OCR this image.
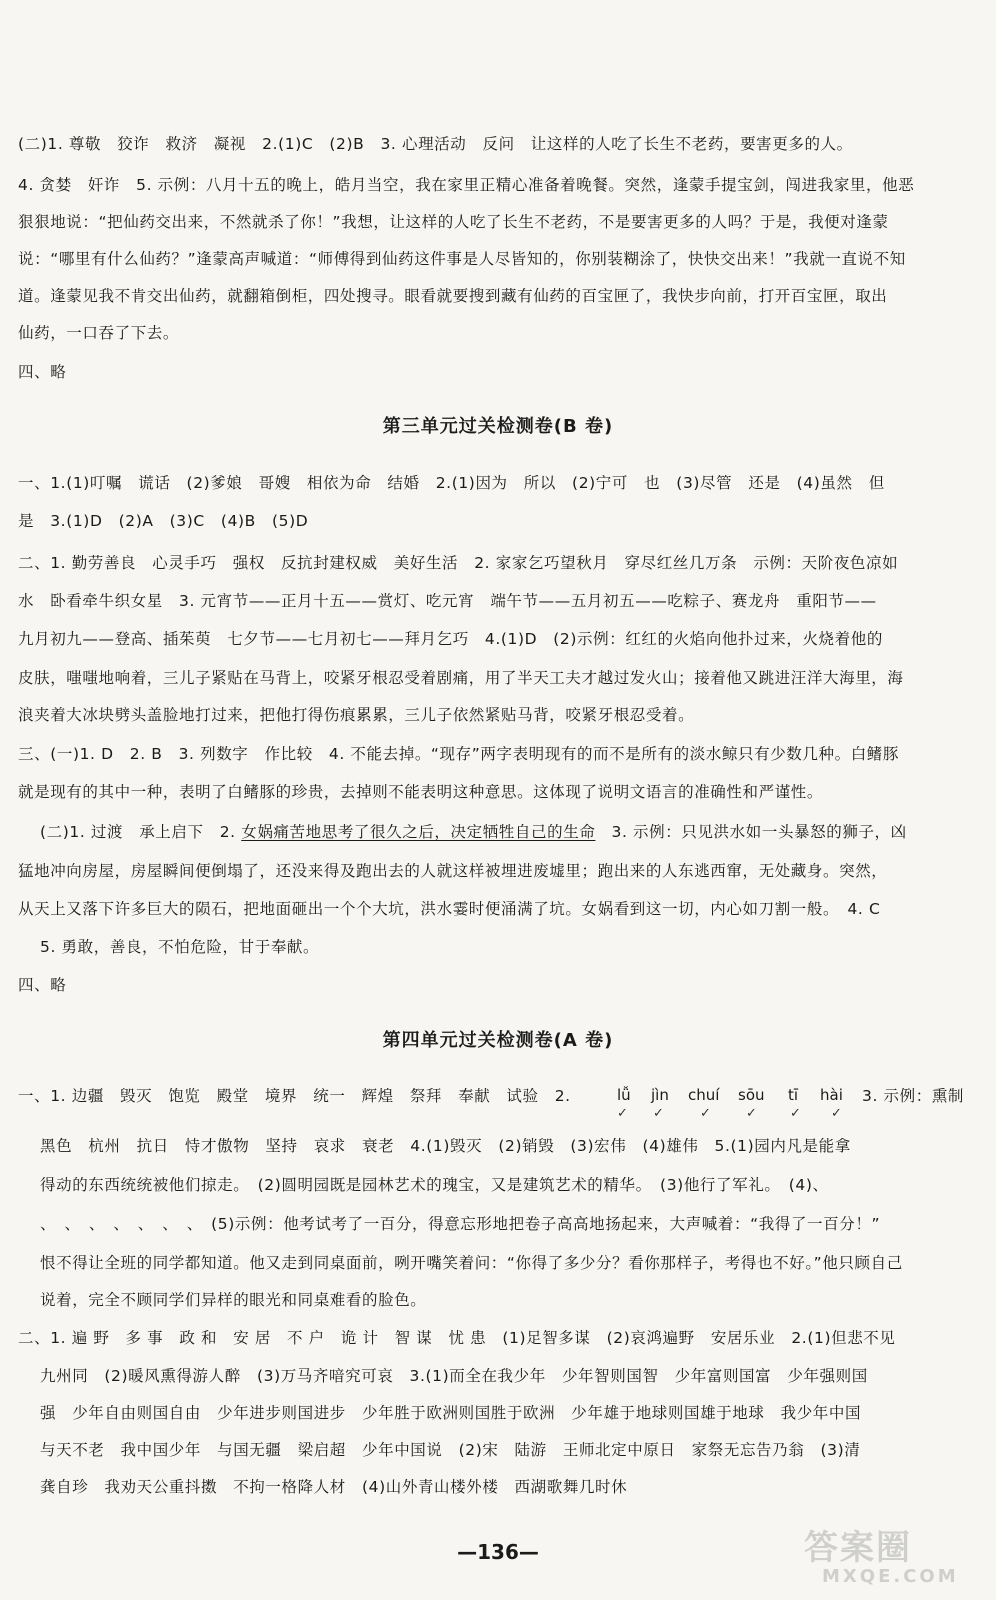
(二)1. 尊敬　狡诈　救济　凝视　2.(1)C　(2)B　3. 心理活动　反问　让这样的人吃了长生不老药，要害更多的人。
4. 贪婪　奸诈　5. 示例：八月十五的晚上，皓月当空，我在家里正精心准备着晚餐。突然，逢蒙手提宝剑，闯进我家里，他恶
狠狠地说：“把仙药交出来，不然就杀了你！”我想，让这样的人吃了长生不老药，不是要害更多的人吗？于是，我便对逢蒙
说：“哪里有什么仙药？”逢蒙高声喊道：“师傅得到仙药这件事是人尽皆知的，你别装糊涂了，快快交出来！”我就一直说不知
道。逢蒙见我不肯交出仙药，就翻箱倒柜，四处搜寻。眼看就要搜到藏有仙药的百宝匣了，我快步向前，打开百宝匣，取出
仙药，一口吞了下去。
四、略
第三单元过关检测卷(B 卷)
一、1.(1)叮嘱　谎话　(2)爹娘　哥嫂　相依为命　结婚　2.(1)因为　所以　(2)宁可　也　(3)尽管　还是　(4)虽然　但
是　3.(1)D　(2)A　(3)C　(4)B　(5)D
二、1. 勤劳善良　心灵手巧　强权　反抗封建权威　美好生活　2. 家家乞巧望秋月　穿尽红丝几万条　示例：天阶夜色凉如
水　卧看牵牛织女星　3. 元宵节——正月十五——赏灯、吃元宵　端午节——五月初五——吃粽子、赛龙舟　重阳节——
九月初九——登高、插茱萸　七夕节——七月初七——拜月乞巧　4.(1)D　(2)示例：红红的火焰向他扑过来，火烧着他的
皮肤，嗤嗤地响着，三儿子紧贴在马背上，咬紧牙根忍受着剧痛，用了半天工夫才越过发火山；接着他又跳进汪洋大海里，海
浪夹着大冰块劈头盖脸地打过来，把他打得伤痕累累，三儿子依然紧贴马背，咬紧牙根忍受着。
三、(一)1. D　2. B　3. 列数字　作比较　4. 不能去掉。“现存”两字表明现有的而不是所有的淡水鲸只有少数几种。白鳍豚
就是现有的其中一种，表明了白鳍豚的珍贵，去掉则不能表明这种意思。这体现了说明文语言的准确性和严谨性。
(二)1. 过渡　承上启下　2. 女娲痛苦地思考了很久之后，决定牺牲自己的生命　3. 示例：只见洪水如一头暴怒的狮子，凶
猛地冲向房屋，房屋瞬间便倒塌了，还没来得及跑出去的人就这样被埋进废墟里；跑出来的人东逃西窜，无处藏身。突然，
从天上又落下许多巨大的陨石，把地面砸出一个个大坑，洪水霎时便涌满了坑。女娲看到这一切，内心如刀割一般。　4. C
5. 勇敢，善良，不怕危险，甘于奉献。
四、略
第四单元过关检测卷(A 卷)
一、1. 边疆　毁灭　饱览　殿堂　境界　统一　辉煌　祭拜　奉献　试验　2.	lǚ jìn chuí sōu tī hài
✓ ✓	✓	✓	✓ ✓
3. 示例：熏制
黑色　杭州　抗日　恃才傲物　坚持　哀求　衰老　4.(1)毁灭　(2)销毁　(3)宏伟　(4)雄伟　5.(1)园内凡是能拿
得动的东西统统被他们掠走。　(2)圆明园既是园林艺术的瑰宝，又是建筑艺术的精华。　(3)他行了军礼。　(4)、
、　、　、　、　、　、　、　(5)示例：他考试考了一百分，得意忘形地把卷子高高地扬起来，大声喊着：“我得了一百分！”
恨不得让全班的同学都知道。他又走到同桌面前，咧开嘴笑着问：“你得了多少分？看你那样子，考得也不好。”他只顾自己
说着，完全不顾同学们异样的眼光和同桌难看的脸色。
二、1. 遍 野　多 事　政 和　安 居　不 户　诡 计　智 谋　忧 患　(1)足智多谋　(2)哀鸿遍野　安居乐业　2.(1)但悲不见
九州同　(2)暖风熏得游人醉　(3)万马齐喑究可哀　3.(1)而全在我少年　少年智则国智　少年富则国富　少年强则国
强　少年自由则国自由　少年进步则国进步　少年胜于欧洲则国胜于欧洲　少年雄于地球则国雄于地球　我少年中国
与天不老　我中国少年　与国无疆　梁启超　少年中国说　(2)宋　陆游　王师北定中原日　家祭无忘告乃翁　(3)清
龚自珍　我劝天公重抖擞　不拘一格降人材　(4)山外青山楼外楼　西湖歌舞几时休
—136—	答案圈
MXQE.COM
